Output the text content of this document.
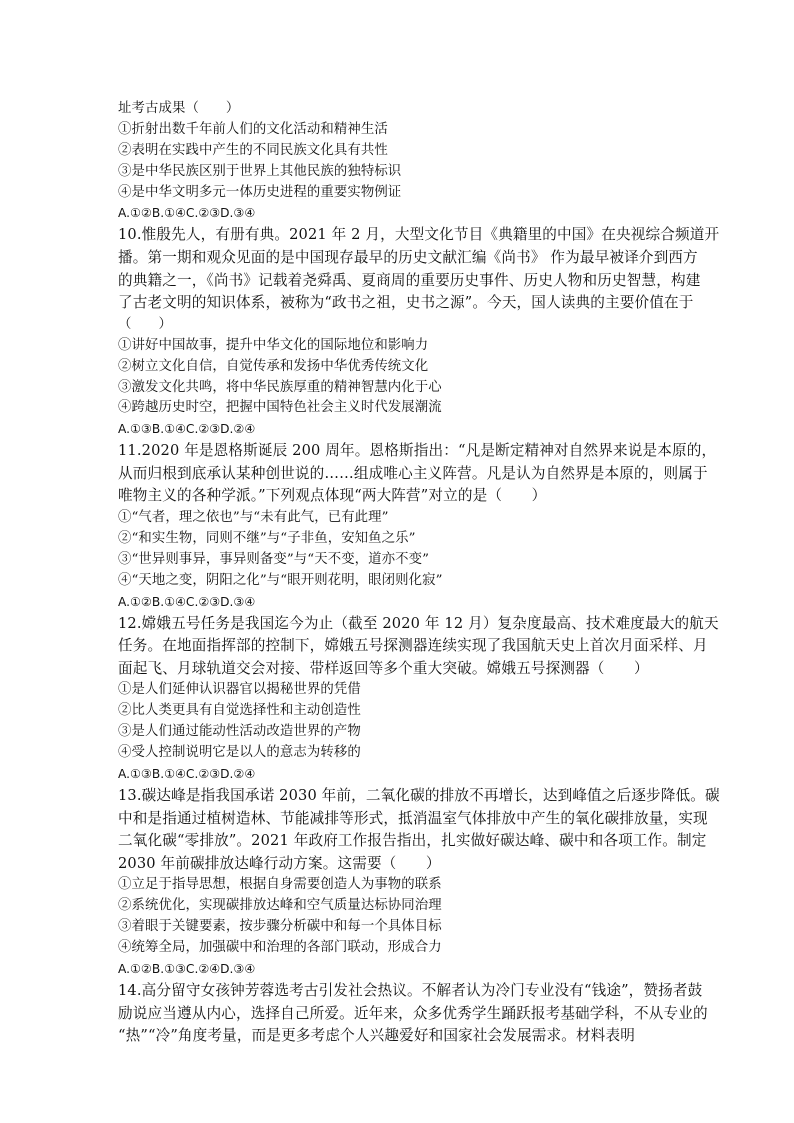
址考古成果（　　）
①折射出数千年前人们的文化活动和精神生活
②表明在实践中产生的不同民族文化具有共性
③是中华民族区别于世界上其他民族的独特标识
④是中华文明多元一体历史进程的重要实物例证
A.①②B.①④C.②③D.③④
10.惟殷先人，有册有典。2021 年 2 月，大型文化节目《典籍里的中国》在央视综合频道开
播。第一期和观众见面的是中国现存最早的历史文献汇编《尚书》 作为最早被译介到西方
的典籍之一，《尚书》记载着尧舜禹、夏商周的重要历史事件、历史人物和历史智慧，构建
了古老文明的知识体系，被称为“政书之祖，史书之源”。今天，国人读典的主要价值在于
（　　）
①讲好中国故事，提升中华文化的国际地位和影响力
②树立文化自信，自觉传承和发扬中华优秀传统文化
③激发文化共鸣，将中华民族厚重的精神智慧内化于心
④跨越历史时空，把握中国特色社会主义时代发展潮流
A.①③B.①④C.②③D.②④
11.2020 年是恩格斯诞辰 200 周年。恩格斯指出：“凡是断定精神对自然界来说是本原的，
从而归根到底承认某种创世说的……组成唯心主义阵营。凡是认为自然界是本原的，则属于
唯物主义的各种学派。”下列观点体现“两大阵营”对立的是（　　）
①“气者，理之依也”与“未有此气，已有此理”
②“和实生物，同则不继”与“子非鱼，安知鱼之乐”
③“世异则事异，事异则备变”与“天不变，道亦不变”
④“天地之变，阴阳之化”与“眼开则花明，眼闭则化寂”
A.①②B.①④C.②③D.③④
12.嫦娥五号任务是我国迄今为止（截至 2020 年 12 月）复杂度最高、技术难度最大的航天
任务。在地面指挥部的控制下，嫦娥五号探测器连续实现了我国航天史上首次月面采样、月
面起飞、月球轨道交会对接、带样返回等多个重大突破。嫦娥五号探测器（　　）
①是人们延伸认识器官以揭秘世界的凭借
②比人类更具有自觉选择性和主动创造性
③是人们通过能动性活动改造世界的产物
④受人控制说明它是以人的意志为转移的
A.①③B.①④C.②③D.②④
13.碳达峰是指我国承诺 2030 年前，二氧化碳的排放不再增长，达到峰值之后逐步降低。碳
中和是指通过植树造林、节能减排等形式，抵消温室气体排放中产生的氧化碳排放量，实现
二氧化碳“零排放”。2021 年政府工作报告指出，扎实做好碳达峰、碳中和各项工作。制定
2030 年前碳排放达峰行动方案。这需要（　　）
①立足于指导思想，根据自身需要创造人为事物的联系
②系统优化，实现碳排放达峰和空气质量达标协同治理
③着眼于关键要素，按步骤分析碳中和每一个具体目标
④统筹全局，加强碳中和治理的各部门联动，形成合力
A.①②B.①③C.②④D.③④
14.高分留守女孩钟芳蓉选考古引发社会热议。不解者认为冷门专业没有“钱途”，赞扬者鼓
励说应当遵从内心，选择自己所爱。近年来，众多优秀学生踊跃报考基础学科，不从专业的
“热”“冷”角度考量，而是更多考虑个人兴趣爱好和国家社会发展需求。材料表明
